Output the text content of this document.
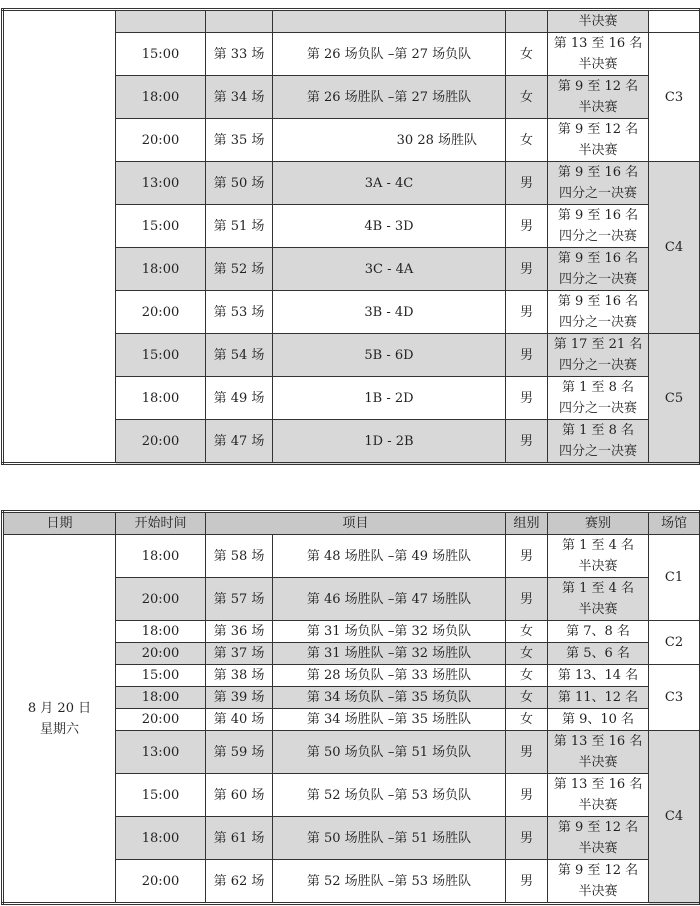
					半决赛	
	15:00	第 33 场	第 26 场负队 –第 27 场负队	女	第 13 至 16 名
半决赛	C3
	18:00	第 34 场	第 26 场胜队 –第 27 场胜队	女	第 9 至 12 名
半决赛	

	20:00	第 35 场	30 28 场胜队	女	第 9 至 12 名
半决赛	

	13:00	第 50 场	3A - 4C	男	第 9 至 16 名
四分之一决赛	C4
	15:00	第 51 场	4B - 3D	男	第 9 至 16 名
四分之一决赛	

	18:00	第 52 场	3C - 4A	男	第 9 至 16 名
四分之一决赛	

	20:00	第 53 场	3B - 4D	男	第 9 至 16 名
四分之一决赛	

	15:00	第 54 场	5B - 6D	男	第 17 至 21 名
四分之一决赛	C5
	18:00	第 49 场	1B - 2D	男	第 1 至 8 名
四分之一决赛	

	20:00	第 47 场	1D - 2B	男	第 1 至 8 名
四分之一决赛	
日期	开始时间	项目		组别	赛别	场馆

8 月 20 日
星期六	18:00	第 58 场	第 48 场胜队 –第 49 场胜队	男	第 1 至 4 名
半决赛	C1
	20:00	第 57 场	第 46 场胜队 –第 47 场胜队	男	第 1 至 4 名
半决赛	

	18:00	第 36 场	第 31 场负队 –第 32 场负队	女	第 7、8 名	C2
	20:00	第 37 场	第 31 场胜队 –第 32 场胜队	女	第 5、6 名	
	15:00	第 38 场	第 28 场负队 –第 33 场胜队	女	第 13、14 名	C3
	18:00	第 39 场	第 34 场负队 –第 35 场负队	女	第 11、12 名	
	20:00	第 40 场	第 34 场胜队 –第 35 场胜队	女	第 9、10 名	
	13:00	第 59 场	第 50 场负队 –第 51 场负队	男	第 13 至 16 名
半决赛	C4
	15:00	第 60 场	第 52 场负队 –第 53 场负队	男	第 13 至 16 名
半决赛	

	18:00	第 61 场	第 50 场胜队 –第 51 场胜队	男	第 9 至 12 名
半决赛	

	20:00	第 62 场	第 52 场胜队 –第 53 场胜队	男	第 9 至 12 名
半决赛	
